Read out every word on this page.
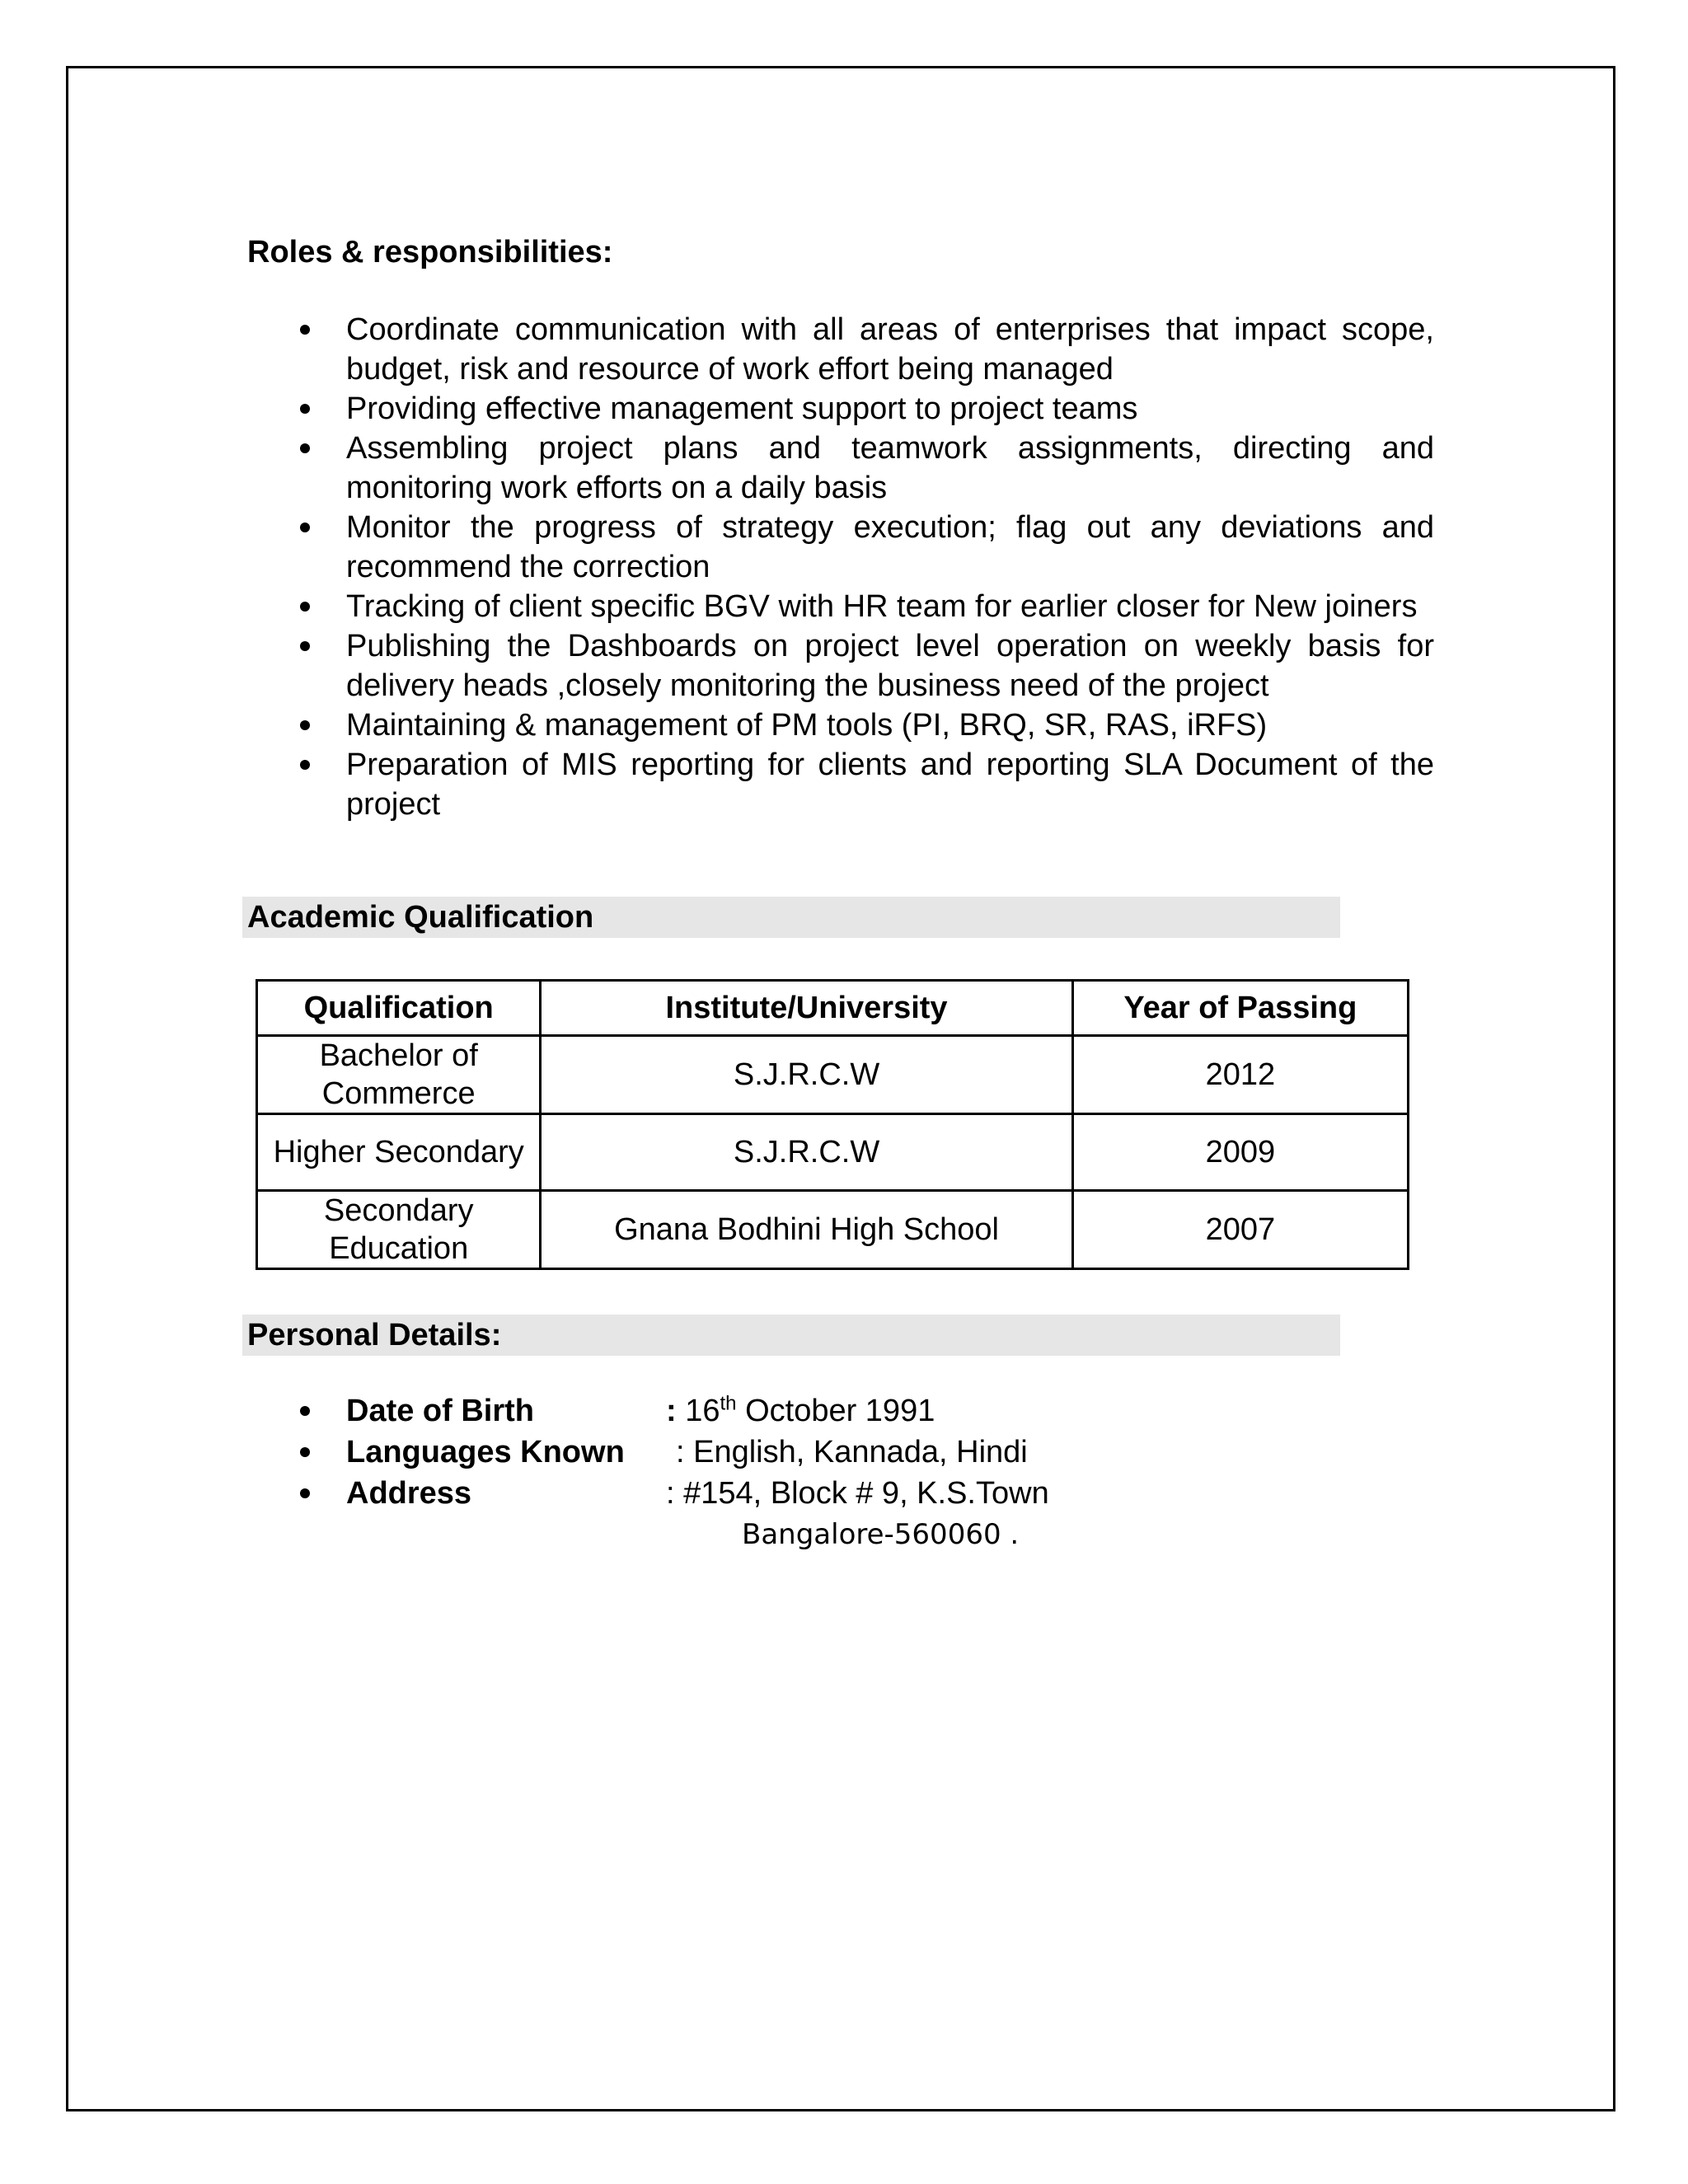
Roles & responsibilities:
Coordinate communication with all areas of enterprises that impact scope, budget, risk and resource of work effort being managed
Providing effective management support to project teams
Assembling project plans and teamwork assignments, directing and monitoring work efforts on a daily basis
Monitor the progress of strategy execution; flag out any deviations and recommend the correction
Tracking of client specific BGV with HR team for earlier closer for New joiners
Publishing the Dashboards on project level operation on weekly basis for delivery heads ,closely monitoring the business need of the project
Maintaining & management of PM tools (PI, BRQ, SR, RAS, iRFS)
Preparation of MIS reporting for clients and reporting SLA Document of the project
Academic Qualification
Qualification	Institute/University	Year of Passing
Bachelor of Commerce	S.J.R.C.W	2012
Higher Secondary	S.J.R.C.W	2009
Secondary Education	Gnana Bodhini High School	2007
Personal Details:
Date of Birth	: 16th October 1991
Languages Known : English, Kannada, Hindi
Address	: #154, Block # 9, K.S.Town
Bangalore-560060 .
